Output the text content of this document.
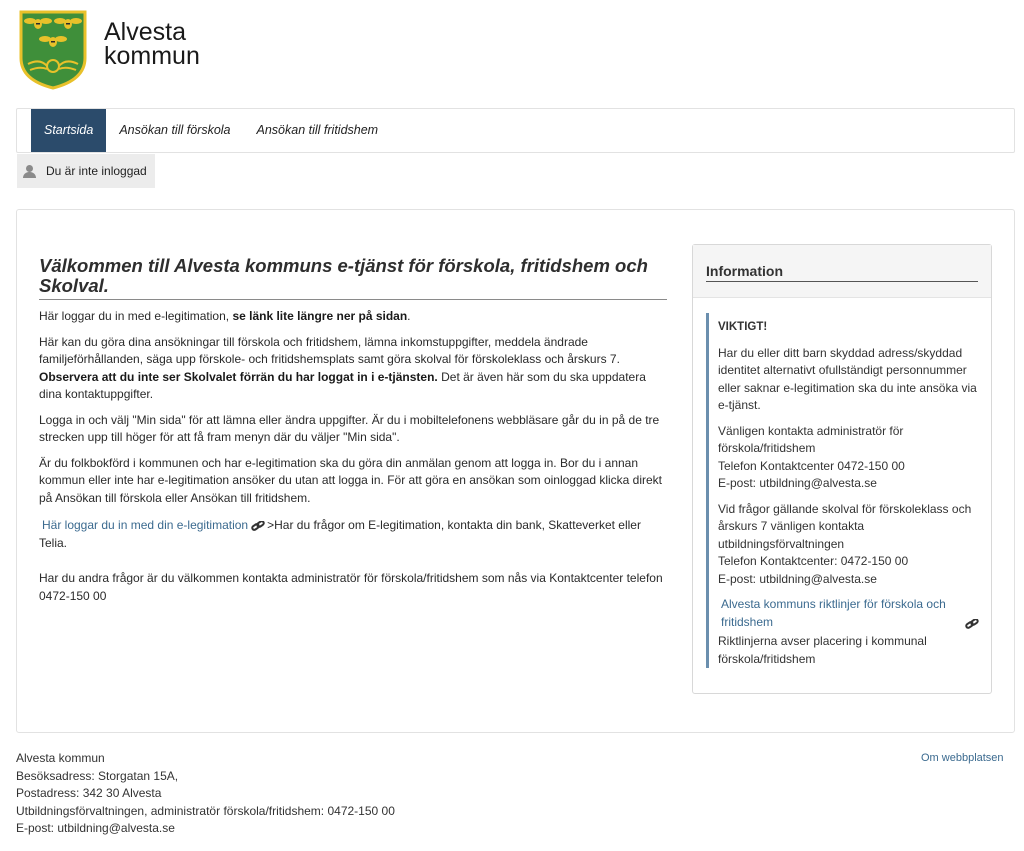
Alvesta
kommun
Startsida	Ansökan till förskola	Ansökan till fritidshem
Du är inte inloggad
Välkommen till Alvesta kommuns e-tjänst för förskola, fritidshem och Skolval.

Här loggar du in med e-legitimation, se länk lite längre ner på sidan.

Här kan du göra dina ansökningar till förskola och fritidshem, lämna inkomstuppgifter, meddela ändrade familjeförhållanden, säga upp förskole- och fritidshemsplats samt göra skolval för förskoleklass och årskurs 7. Observera att du inte ser Skolvalet förrän du har loggat in i e-tjänsten. Det är även här som du ska uppdatera dina kontaktuppgifter.

Logga in och välj "Min sida" för att lämna eller ändra uppgifter. Är du i mobiltelefonens webbläsare går du in på de tre strecken upp till höger för att få fram menyn där du väljer "Min sida".

Är du folkbokförd i kommunen och har e-legitimation ska du göra din anmälan genom att logga in. Bor du i annan kommun eller inte har e-legitimation ansöker du utan att logga in. För att göra en ansökan som oinloggad klicka direkt på Ansökan till förskola eller Ansökan till fritidshem.

Här loggar du in med din e-legitimation >Har du frågor om E-legitimation, kontakta din bank, Skatteverket eller Telia.

Har du andra frågor är du välkommen kontakta administratör för förskola/fritidshem som nås via Kontaktcenter telefon 0472-150 00

Information

VIKTIGT!

Har du eller ditt barn skyddad adress/skyddad identitet alternativt ofullständigt personnummer eller saknar e-legitimation ska du inte ansöka via e-tjänst.

Vänligen kontakta administratör för förskola/fritidshem
Telefon Kontaktcenter 0472-150 00
E-post: utbildning@alvesta.se

Vid frågor gällande skolval för förskoleklass och årskurs 7 vänligen kontakta utbildningsförvaltningen
Telefon Kontaktcenter: 0472-150 00
E-post: utbildning@alvesta.se

Alvesta kommuns riktlinjer för förskola och fritidshem

Riktlinjerna avser placering i kommunal förskola/fritidshem

Alvesta kommun
Besöksadress: Storgatan 15A,
Postadress: 342 30 Alvesta
Utbildningsförvaltningen, administratör förskola/fritidshem: 0472-150 00
E-post: utbildning@alvesta.se
Om webbplatsen
